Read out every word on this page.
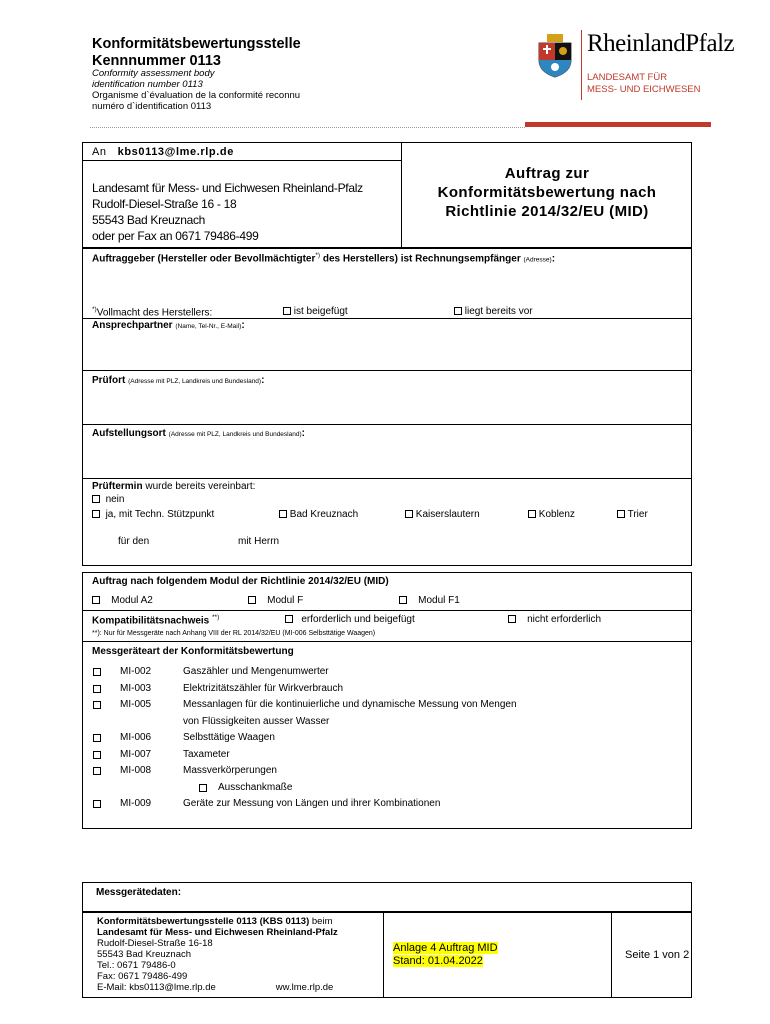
Konformitätsbewertungsstelle
Kennnummer 0113
Conformity assessment body
identification number 0113
Organisme d`évaluation de la conformité reconnu
numéro d`identification 0113
RheinlandPfalz
LANDESAMT FÜR
MESS- UND EICHWESEN
An kbs0113@lme.rlp.de
Landesamt für Mess- und Eichwesen Rheinland-Pfalz
Rudolf-Diesel-Straße 16 - 18
55543 Bad Kreuznach
oder per Fax an 0671 79486-499
Auftrag zur
Konformitätsbewertung nach
Richtlinie 2014/32/EU (MID)
Auftraggeber (Hersteller oder Bevollmächtigter*) des Herstellers) ist Rechnungsempfänger (Adresse):
*)Vollmacht des Herstellers:	ist beigefügt	liegt bereits vor
Ansprechpartner (Name, Tel-Nr., E-Mail):
Prüfort (Adresse mit PLZ, Landkreis und Bundesland):
Aufstellungsort (Adresse mit PLZ, Landkreis und Bundesland):
Prüftermin wurde bereits vereinbart:
nein
ja, mit Techn. Stützpunkt	Bad Kreuznach	Kaiserslautern	Koblenz	Trier
für den	mit Herrn
Auftrag nach folgendem Modul der Richtlinie 2014/32/EU (MID)
Modul A2	Modul F	Modul F1
Kompatibilitätsnachweis **)	erforderlich und beigefügt	nicht erforderlich
**): Nur für Messgeräte nach Anhang VIII der RL 2014/32/EU (MI-006 Selbsttätige Waagen)
Messgeräteart der Konformitätsbewertung
MI-002	Gaszähler und Mengenumwerter
MI-003	Elektrizitätszähler für Wirkverbrauch
MI-005	Messanlagen für die kontinuierliche und dynamische Messung von Mengen
von Flüssigkeiten ausser Wasser
MI-006	Selbsttätige Waagen
MI-007	Taxameter
MI-008	Massverkörperungen
Ausschankmaße
MI-009	Geräte zur Messung von Längen und ihrer Kombinationen
Messgerätedaten:
Konformitätsbewertungsstelle 0113 (KBS 0113) beim
Landesamt für Mess- und Eichwesen Rheinland-Pfalz
Rudolf-Diesel-Straße 16-18
55543 Bad Kreuznach
Tel.: 0671 79486-0
Fax: 0671 79486-499
E-Mail: kbs0113@lme.rlp.de	ww.lme.rlp.de
Anlage 4 Auftrag MID
Stand: 01.04.2022	Seite 1 von 2
